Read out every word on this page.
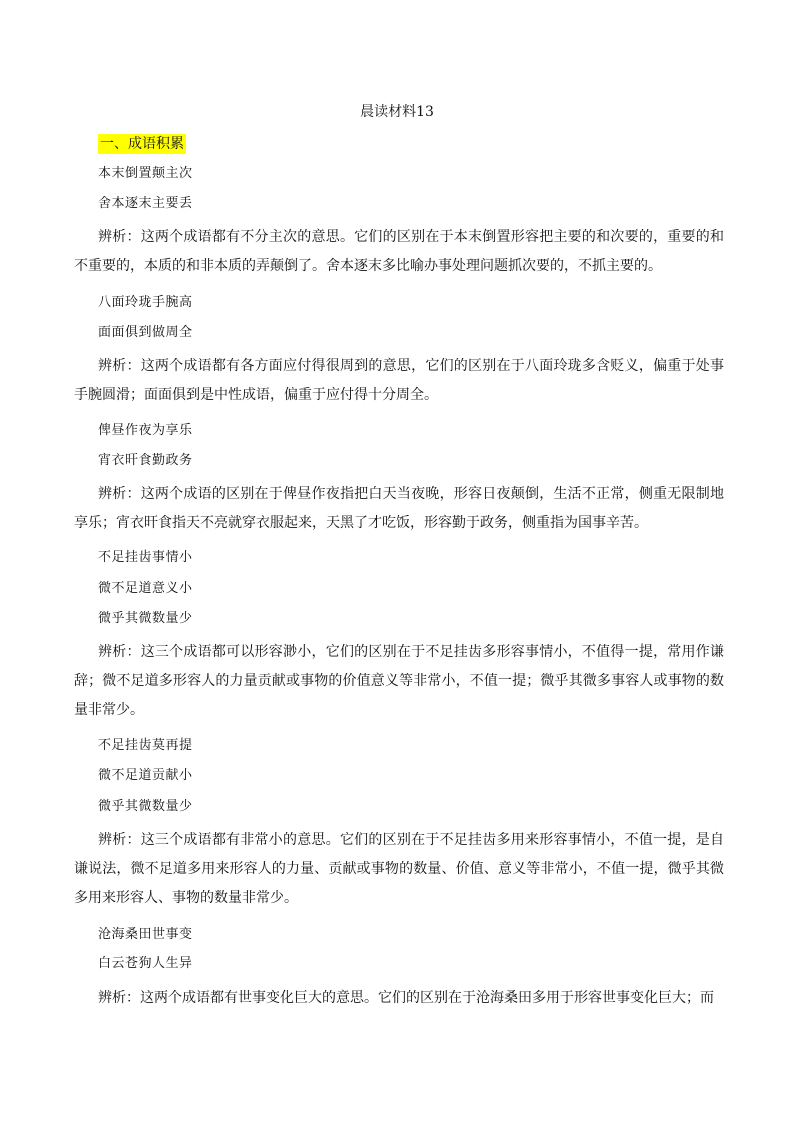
晨读材料13
一、成语积累
本末倒置颠主次
舍本逐末主要丢
辨析：这两个成语都有不分主次的意思。它们的区别在于本末倒置形容把主要的和次要的，重要的和不重要的，本质的和非本质的弄颠倒了。舍本逐末多比喻办事处理问题抓次要的，不抓主要的。
八面玲珑手腕高
面面俱到做周全
辨析：这两个成语都有各方面应付得很周到的意思，它们的区别在于八面玲珑多含贬义，偏重于处事手腕圆滑；面面俱到是中性成语，偏重于应付得十分周全。
俾昼作夜为享乐
宵衣旰食勤政务
辨析：这两个成语的区别在于俾昼作夜指把白天当夜晚，形容日夜颠倒，生活不正常，侧重无限制地享乐；宵衣旰食指天不亮就穿衣服起来，天黑了才吃饭，形容勤于政务，侧重指为国事辛苦。
不足挂齿事情小
微不足道意义小
微乎其微数量少
辨析：这三个成语都可以形容渺小，它们的区别在于不足挂齿多形容事情小，不值得一提，常用作谦辞；微不足道多形容人的力量贡献或事物的价值意义等非常小，不值一提；微乎其微多事容人或事物的数量非常少。
不足挂齿莫再提
微不足道贡献小
微乎其微数量少
辨析：这三个成语都有非常小的意思。它们的区别在于不足挂齿多用来形容事情小，不值一提，是自谦说法，微不足道多用来形容人的力量、贡献或事物的数量、价值、意义等非常小，不值一提，微乎其微多用来形容人、事物的数量非常少。
沧海桑田世事变
白云苍狗人生异
辨析：这两个成语都有世事变化巨大的意思。它们的区别在于沧海桑田多用于形容世事变化巨大；而
